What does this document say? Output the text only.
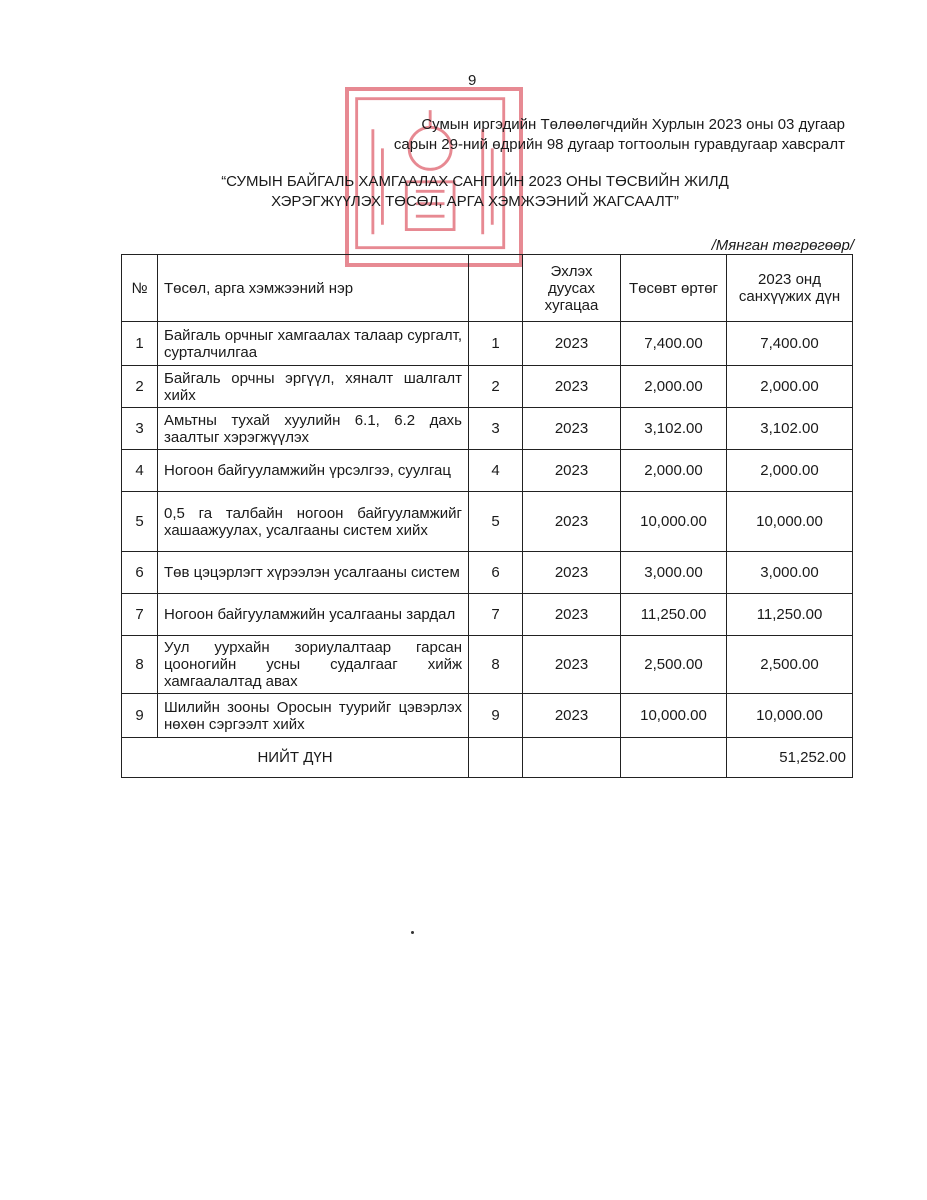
9
Сумын иргэдийн Төлөөлөгчдийн Хурлын 2023 оны 03 дугаар
сарын 29-ний өдрийн 98 дугаар тогтоолын гуравдугаар хавсралт
“СУМЫН БАЙГАЛЬ ХАМГААЛАХ САНГИЙН 2023 ОНЫ ТӨСВИЙН ЖИЛД
ХЭРЭГЖҮҮЛЭХ ТӨСӨЛ, АРГА ХЭМЖЭЭНИЙ ЖАГСААЛТ”
/Мянган төгрөгөөр/
№	Төсөл, арга хэмжээний нэр		Эхлэх дуусах хугацаа	Төсөвт өртөг	2023 онд санхүүжих дүн
1	Байгаль орчныг хамгаалах талаар сургалт, сурталчилгаа	1	2023	7,400.00	7,400.00
2	Байгаль орчны эргүүл, хяналт шалгалт хийх	2	2023	2,000.00	2,000.00
3	Амьтны тухай хуулийн 6.1, 6.2 дахь заалтыг хэрэгжүүлэх	3	2023	3,102.00	3,102.00
4	Ногоон байгууламжийн үрсэлгээ, суулгац	4	2023	2,000.00	2,000.00
5	0,5 га талбайн ногоон байгууламжийг хашаажуулах, усалгааны систем хийх	5	2023	10,000.00	10,000.00
6	Төв цэцэрлэгт хүрээлэн усалгааны систем	6	2023	3,000.00	3,000.00
7	Ногоон байгууламжийн усалгааны зардал	7	2023	11,250.00	11,250.00
8	Уул уурхайн зориулалтаар гарсан цооногийн усны судалгааг хийж хамгаалалтад авах	8	2023	2,500.00	2,500.00
9	Шилийн зооны Оросын туурийг цэвэрлэх нөхөн сэргээлт хийх	9	2023	10,000.00	10,000.00
НИЙТ ДҮН					51,252.00
